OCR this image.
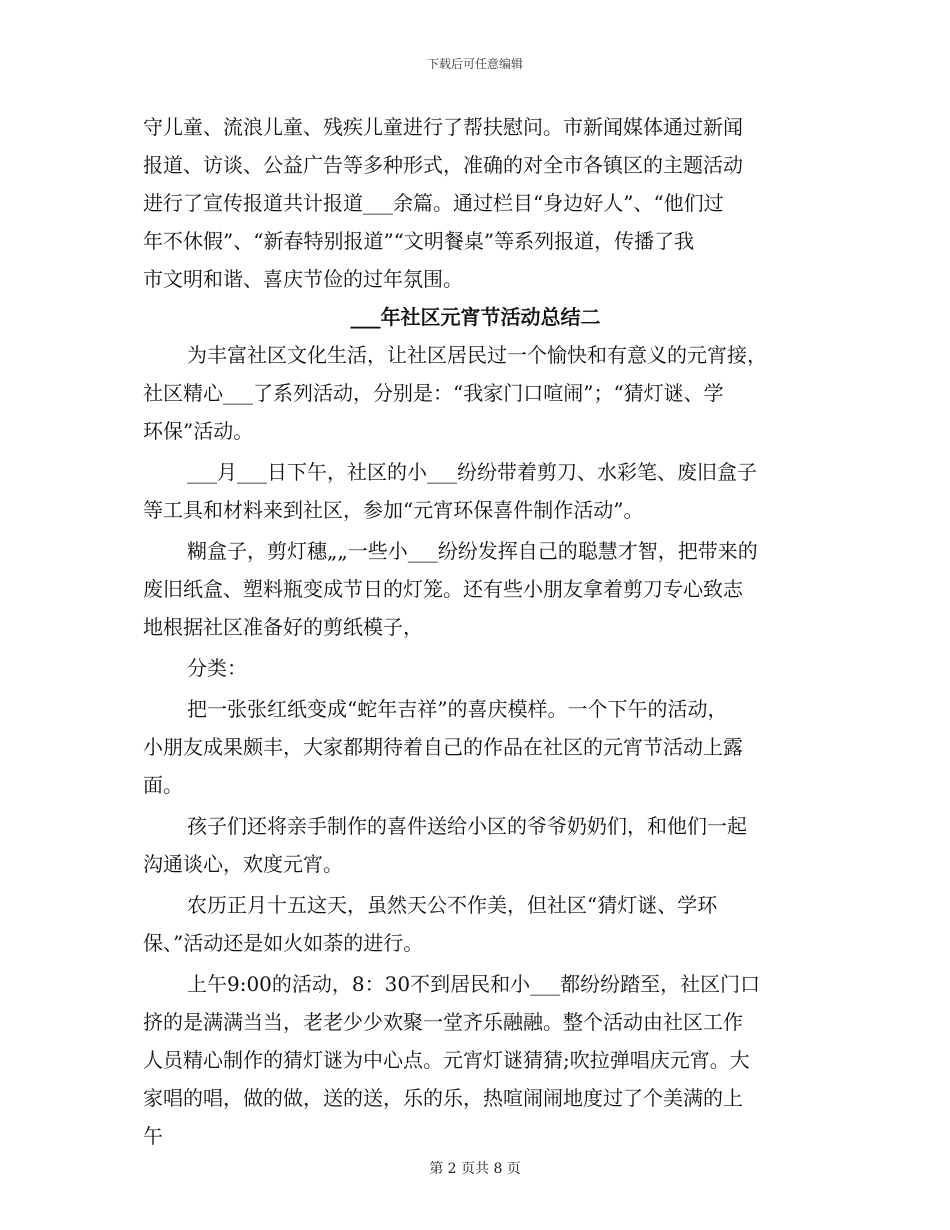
下载后可任意编辑
守儿童、流浪儿童、残疾儿童进行了帮扶慰问。市新闻媒体通过新闻
报道、访谈、公益广告等多种形式，准确的对全市各镇区的主题活动
进行了宣传报道共计报道___余篇。通过栏目“身边好人”、“他们过
年不休假”、“新春特别报道”“文明餐桌”等系列报道，传播了我
市文明和谐、喜庆节俭的过年氛围。
___年社区元宵节活动总结二
为丰富社区文化生活，让社区居民过一个愉快和有意义的元宵接，
社区精心___了系列活动，分别是：“我家门口喧闹”；“猜灯谜、学
环保”活动。
___月___日下午，社区的小___纷纷带着剪刀、水彩笔、废旧盒子
等工具和材料来到社区，参加“元宵环保喜件制作活动”。
糊盒子，剪灯穗„„一些小___纷纷发挥自己的聪慧才智，把带来的
废旧纸盒、塑料瓶变成节日的灯笼。还有些小朋友拿着剪刀专心致志
地根据社区准备好的剪纸模子，
分类：
把一张张红纸变成“蛇年吉祥”的喜庆模样。一个下午的活动，
小朋友成果颇丰，大家都期待着自己的作品在社区的元宵节活动上露
面。
孩子们还将亲手制作的喜件送给小区的爷爷奶奶们，和他们一起
沟通谈心，欢度元宵。
农历正月十五这天，虽然天公不作美，但社区“猜灯谜、学环
保、”活动还是如火如荼的进行。
上午9:00的活动，8：30不到居民和小___都纷纷踏至，社区门口
挤的是满满当当，老老少少欢聚一堂齐乐融融。整个活动由社区工作
人员精心制作的猜灯谜为中心点。元宵灯谜猜猜;吹拉弹唱庆元宵。大
家唱的唱，做的做，送的送，乐的乐，热喧闹闹地度过了个美满的上
午
第 2 页共 8 页
